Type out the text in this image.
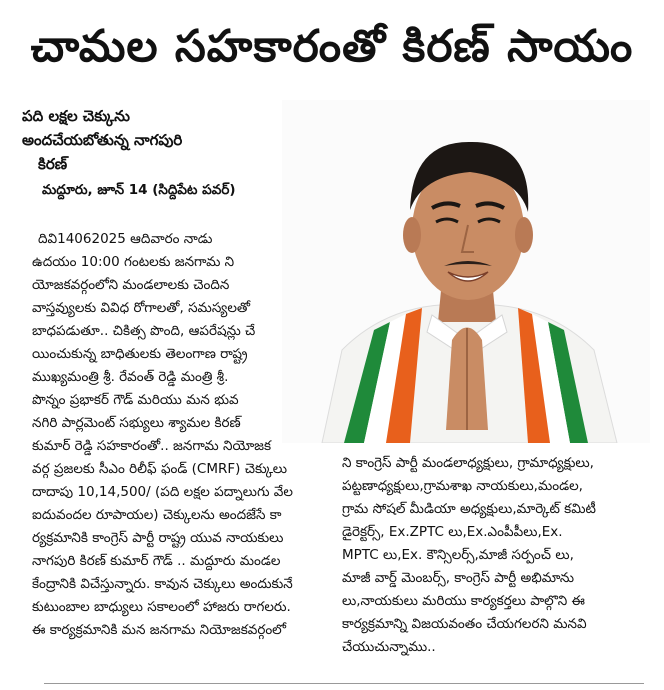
చామల సహకారంతో కిరణ్ సాయం
పది లక్షల చెక్కును
అందచేయబోతున్న నాగపురి
కిరణ్
మద్దూరు, జూన్ 14 (సిద్దిపేట పవర్)
దివి14062025 ఆదివారం నాడు
ఉదయం 10:00 గంటలకు జనగామ ని
యోజకవర్గంలోని మండలాలకు చెందిన
వాస్తవ్యులకు వివిధ రోగాలతో, సమస్యలతో
బాధపడుతూ.. చికిత్స పొంది, ఆపరేషన్లు చే
యించుకున్న బాధితులకు తెలంగాణ రాష్ట్ర
ముఖ్యమంత్రి శ్రీ. రేవంత్ రెడ్డి మంత్రి శ్రీ.
పొన్నం ప్రభాకర్ గౌడ్ మరియు మన భువ
నగిరి పార్లమెంట్ సభ్యులు శ్యామల కిరణ్
కుమార్ రెడ్డి సహకారంతో.. జనగామ నియోజక
వర్గ ప్రజలకు సీఎం రిలీఫ్ ఫండ్ (CMRF) చెక్కులు
దాదాపు 10,14,500/ (పది లక్షల పద్నాలుగు వేల
ఐదువందల రూపాయల) చెక్కులను అందజేసే కా
ర్యక్రమానికి కాంగ్రెస్ పార్టీ రాష్ట్ర యువ నాయకులు
నాగపురి కిరణ్ కుమార్ గౌడ్ .. మద్దూరు మండల
కేంద్రానికి విచేస్తున్నారు. కావున చెక్కులు అందుకునే
కుటుంబాల బాధ్యులు సకాలంలో హాజరు రాగలరు.
ఈ కార్యక్రమానికి మన జనగామ నియోజకవర్గంలో
ని కాంగ్రెస్ పార్టీ మండలాధ్యక్షులు, గ్రామాధ్యక్షులు,
పట్టణాధ్యక్షులు,గ్రామశాఖ నాయకులు,మండల,
గ్రామ సోషల్ మీడియా అధ్యక్షులు,మార్కెట్ కమిటీ
డైరెక్టర్స్, Ex.ZPTC లు,Ex.ఎంపీపీలు,Ex.
MPTC లు,Ex. కౌన్సిలర్స్,మాజీ సర్పంచ్ లు,
మాజీ వార్డ్ మెంబర్స్, కాంగ్రెస్ పార్టీ అభిమాను
లు,నాయకులు మరియు కార్యకర్తలు పాల్గొని ఈ
కార్యక్రమాన్ని విజయవంతం చేయగలరని మనవి
చేయుచున్నాము..
